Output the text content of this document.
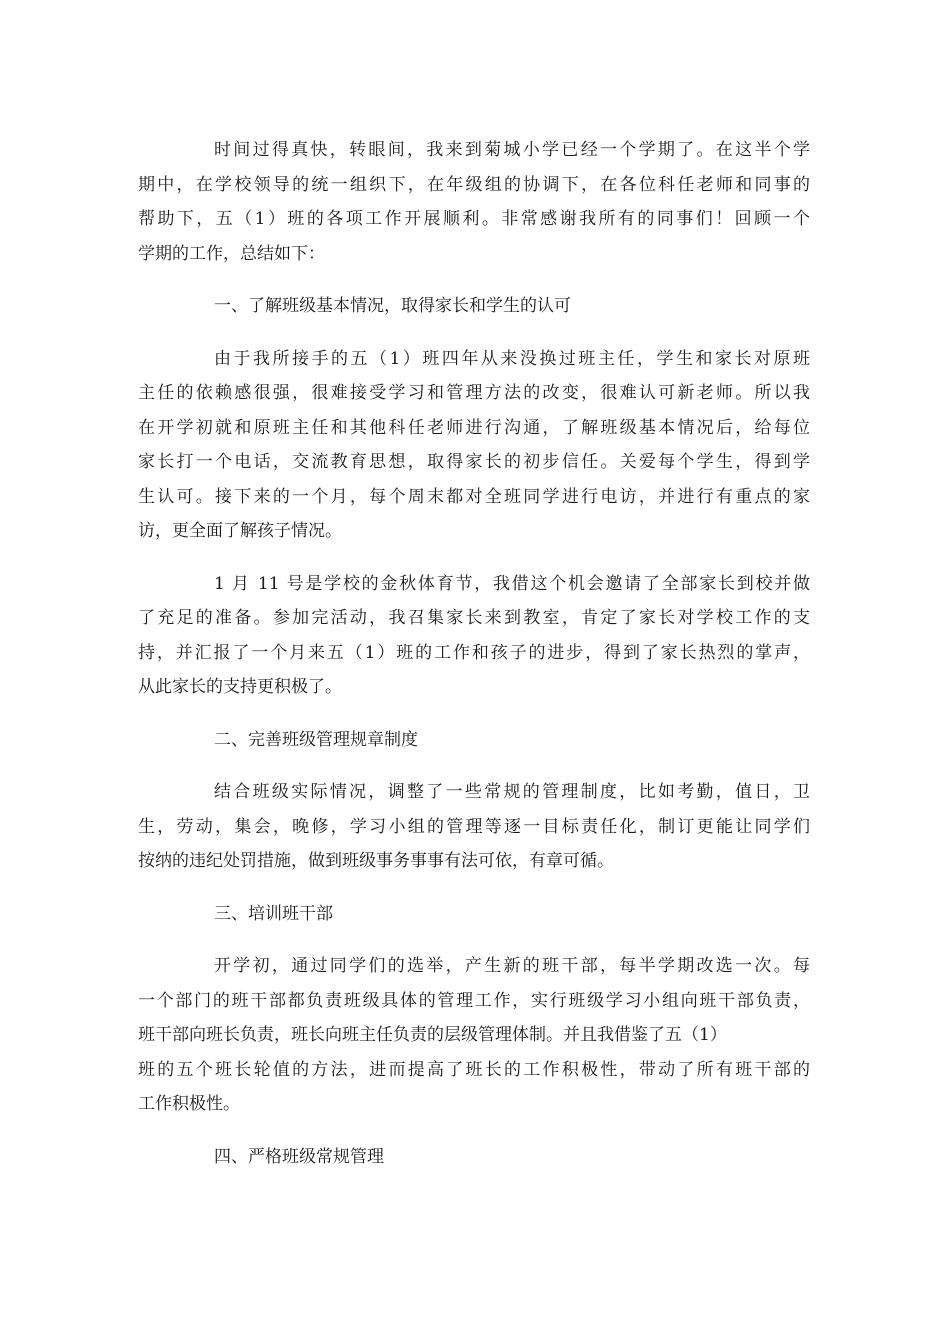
时间过得真快，转眼间，我来到菊城小学已经一个学期了。在这半个学
期中，在学校领导的统一组织下，在年级组的协调下，在各位科任老师和同事的
帮助下，五（1）班的各项工作开展顺利。非常感谢我所有的同事们！回顾一个
学期的工作，总结如下：
一、了解班级基本情况，取得家长和学生的认可
由于我所接手的五（1）班四年从来没换过班主任，学生和家长对原班
主任的依赖感很强，很难接受学习和管理方法的改变，很难认可新老师。所以我
在开学初就和原班主任和其他科任老师进行沟通，了解班级基本情况后，给每位
家长打一个电话，交流教育思想，取得家长的初步信任。关爱每个学生，得到学
生认可。接下来的一个月，每个周末都对全班同学进行电访，并进行有重点的家
访，更全面了解孩子情况。
1 月 11 号是学校的金秋体育节，我借这个机会邀请了全部家长到校并做
了充足的准备。参加完活动，我召集家长来到教室，肯定了家长对学校工作的支
持，并汇报了一个月来五（1）班的工作和孩子的进步，得到了家长热烈的掌声，
从此家长的支持更积极了。
二、完善班级管理规章制度
结合班级实际情况，调整了一些常规的管理制度，比如考勤，值日，卫
生，劳动，集会，晚修，学习小组的管理等逐一目标责任化，制订更能让同学们
按纳的违纪处罚措施，做到班级事务事事有法可依，有章可循。
三、培训班干部
开学初，通过同学们的选举，产生新的班干部，每半学期改选一次。每
一个部门的班干部都负责班级具体的管理工作，实行班级学习小组向班干部负责，
班干部向班长负责，班长向班主任负责的层级管理体制。并且我借鉴了五（1）
班的五个班长轮值的方法，进而提高了班长的工作积极性，带动了所有班干部的
工作积极性。
四、严格班级常规管理
